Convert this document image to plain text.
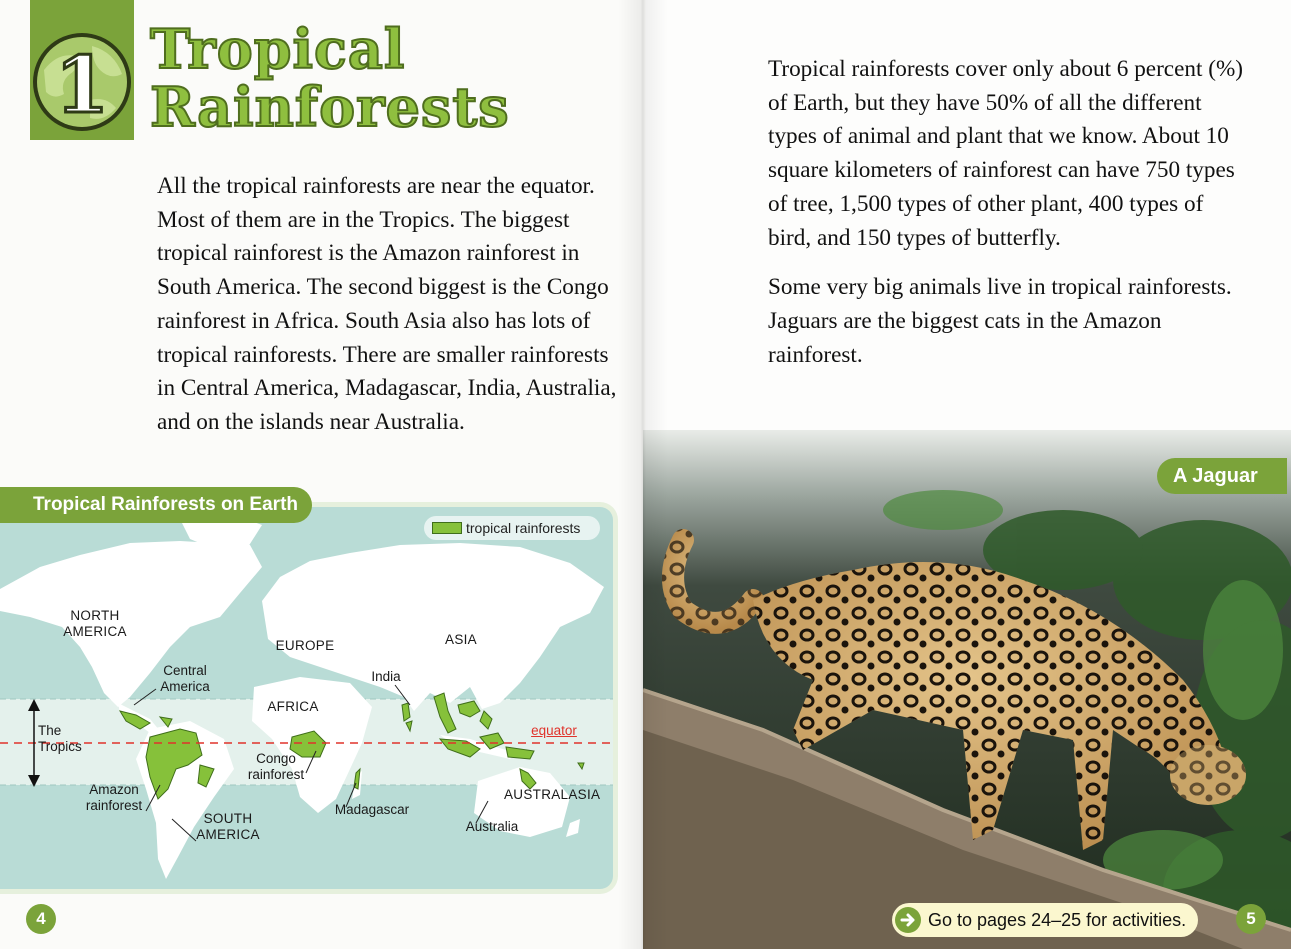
1 Tropical
Rainforests

All the tropical rainforests are near the equator. Most of them are in the Tropics. The biggest tropical rainforest is the Amazon rainforest in South America. The second biggest is the Congo rainforest in Africa. South Asia also has lots of tropical rainforests. There are smaller rainforests in Central America, Madagascar, India, Australia, and on the islands near Australia.

Tropical Rainforests on Earth
tropical rainforests
NORTH
AMERICA
Central
America
EUROPE	ASIA
India
AFRICA
The
Tropics
equator
Congo
rainforest
Amazon
rainforest
SOUTH
AMERICA
Madagascar
AUSTRALASIA
Australia
4

Tropical rainforests cover only about 6 percent (%) of Earth, but they have 50% of all the different types of animal and plant that we know. About 10 square kilometers of rainforest can have 750 types of tree, 1,500 types of other plant, 400 types of bird, and 150 types of butterfly.

Some very big animals live in tropical rainforests. Jaguars are the biggest cats in the Amazon rainforest.

A Jaguar
Go to pages 24–25 for activities.	5
